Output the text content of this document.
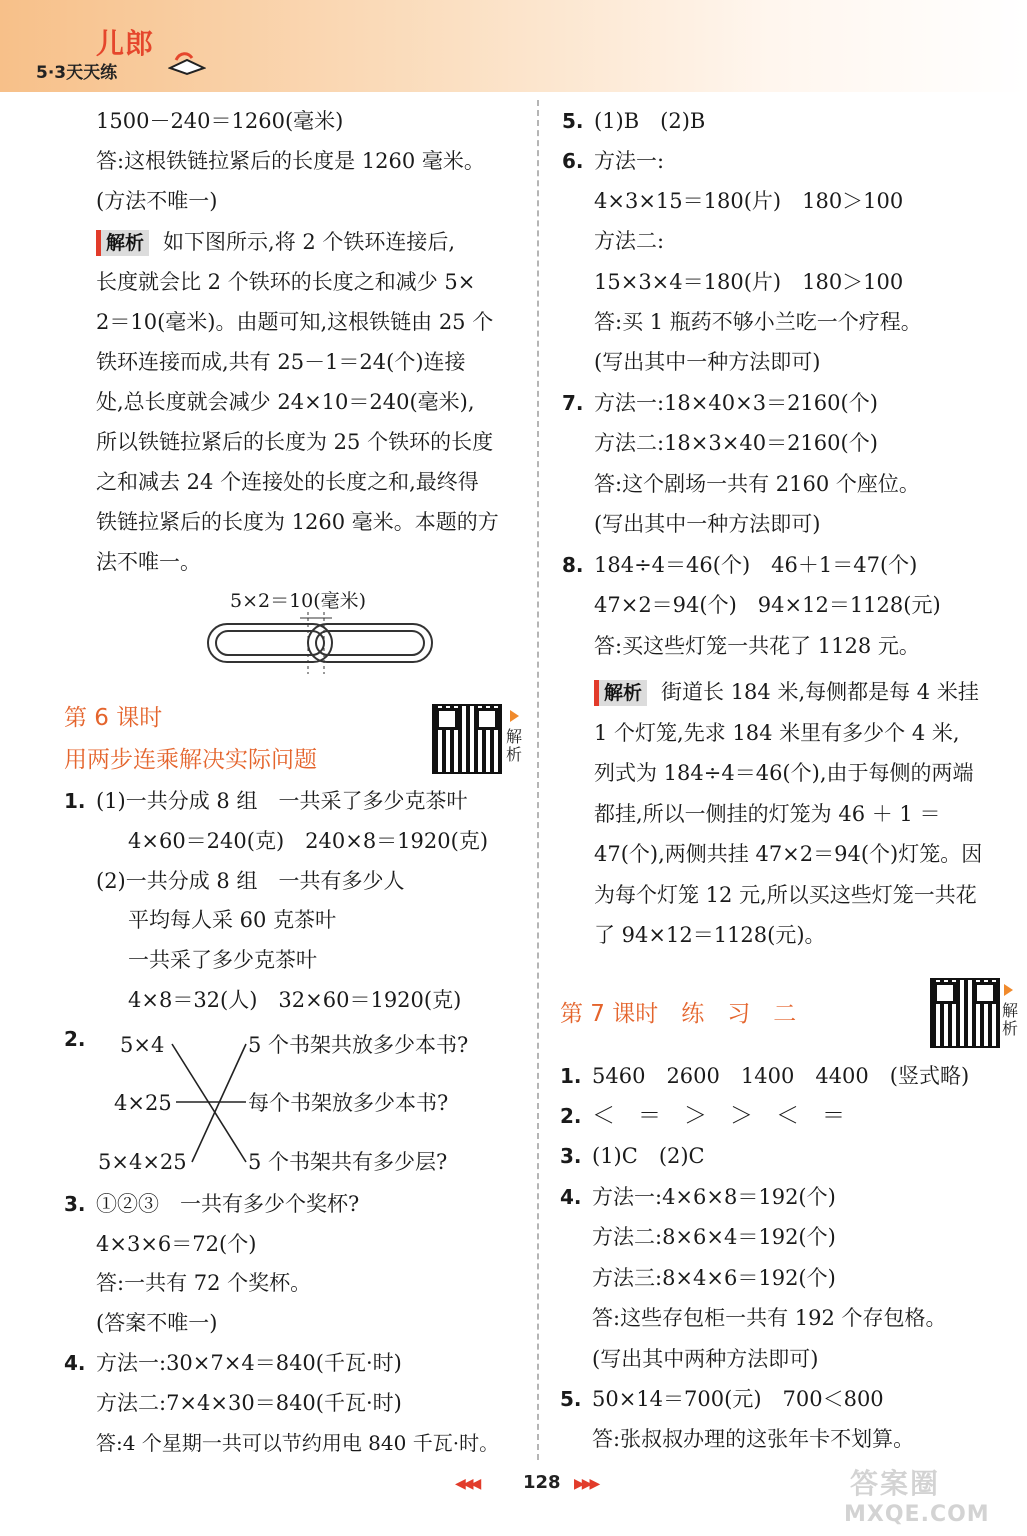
儿郎
5·3天天练
1500－240＝1260(毫米)
答:这根铁链拉紧后的长度是 1260 毫米。
(方法不唯一)
解析 如下图所示,将 2 个铁环连接后,
长度就会比 2 个铁环的长度之和减少 5×
2＝10(毫米)。由题可知,这根铁链由 25 个
铁环连接而成,共有 25－1＝24(个)连接
处,总长度就会减少 24×10＝240(毫米),
所以铁链拉紧后的长度为 25 个铁环的长度
之和减去 24 个连接处的长度之和,最终得
铁链拉紧后的长度为 1260 毫米。本题的方
法不唯一。
5×2＝10(毫米)
第 6 课时
用两步连乘解决实际问题
解析
1. (1)一共分成 8 组　一共采了多少克茶叶
4×60＝240(克)　240×8＝1920(克)
(2)一共分成 8 组　一共有多少人
平均每人采 60 克茶叶
一共采了多少克茶叶
4×8＝32(人)　32×60＝1920(克)
2. 5×4
4×25
5×4×25
5 个书架共放多少本书?
每个书架放多少本书?
5 个书架共有多少层?
3. ①②③　一共有多少个奖杯?
4×3×6＝72(个)
答:一共有 72 个奖杯。
(答案不唯一)
4. 方法一:30×7×4＝840(千瓦·时)
方法二:7×4×30＝840(千瓦·时)
答:4 个星期一共可以节约用电 840 千瓦·时。
5. (1)B　(2)B
6. 方法一:
4×3×15＝180(片)　180＞100
方法二:
15×3×4＝180(片)　180＞100
答:买 1 瓶药不够小兰吃一个疗程。
(写出其中一种方法即可)
7. 方法一:18×40×3＝2160(个)
方法二:18×3×40＝2160(个)
答:这个剧场一共有 2160 个座位。
(写出其中一种方法即可)
8. 184÷4＝46(个)　46＋1＝47(个)
47×2＝94(个)　94×12＝1128(元)
答:买这些灯笼一共花了 1128 元。
解析 街道长 184 米,每侧都是每 4 米挂
1 个灯笼,先求 184 米里有多少个 4 米,
列式为 184÷4＝46(个),由于每侧的两端
都挂,所以一侧挂的灯笼为 46 ＋ 1 ＝
47(个),两侧共挂 47×2＝94(个)灯笼。因
为每个灯笼 12 元,所以买这些灯笼一共花
了 94×12＝1128(元)。
第 7 课时　练　习　二	解析
1. 5460　2600　1400　4400　(竖式略)
2. ＜　＝　＞　＞　＜　＝
3. (1)C　(2)C
4. 方法一:4×6×8＝192(个)
方法二:8×6×4＝192(个)
方法三:8×4×6＝192(个)
答:这些存包柜一共有 192 个存包格。
(写出其中两种方法即可)
5. 50×14＝700(元)　700＜800
答:张叔叔办理的这张年卡不划算。
◀◀◀ 128 ▶▶▶	答案圈
MXQE.COM
